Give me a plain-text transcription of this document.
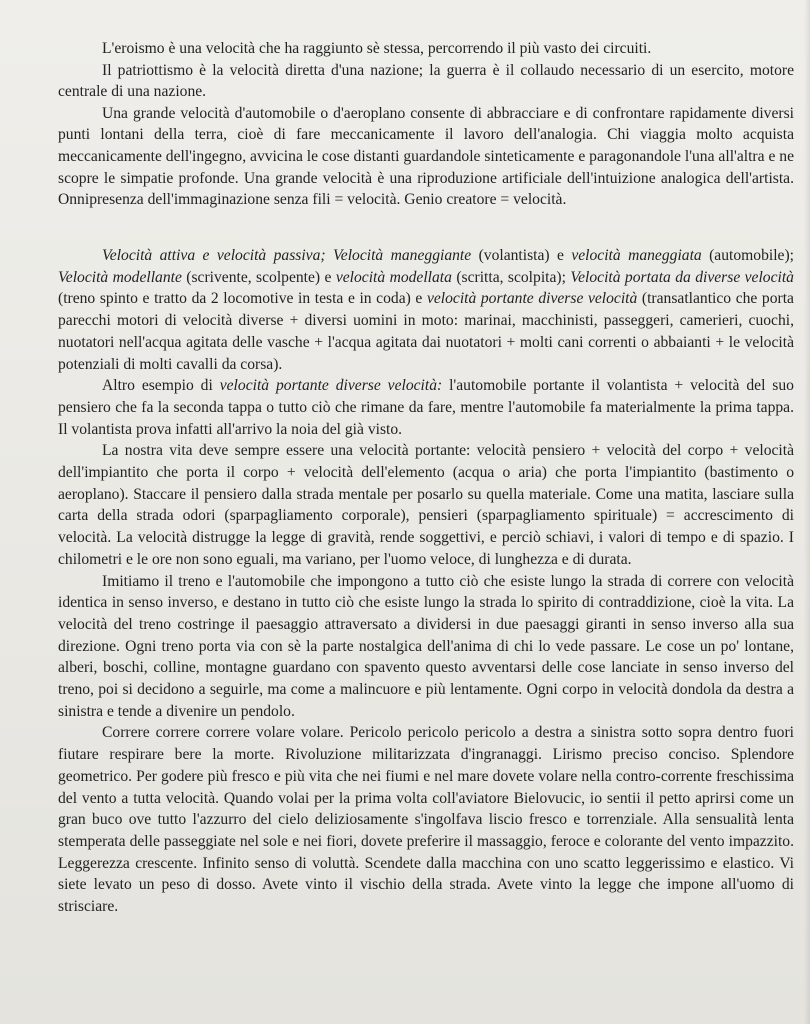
L'eroismo è una velocità che ha raggiunto sè stessa, percorrendo il più vasto dei circuiti.

Il patriottismo è la velocità diretta d'una nazione; la guerra è il collaudo necessario di un esercito, motore centrale di una nazione.

Una grande velocità d'automobile o d'aeroplano consente di abbracciare e di confrontare rapidamente diversi punti lontani della terra, cioè di fare meccanicamente il lavoro dell'analogia. Chi viaggia molto acquista meccanicamente dell'ingegno, avvicina le cose distanti guardandole sinteticamente e paragonandole l'una all'altra e ne scopre le simpatie profonde. Una grande velocità è una riproduzione artificiale dell'intuizione analogica dell'artista. Onnipresenza dell'immaginazione senza fili = velocità. Genio creatore = velocità.

Velocità attiva e velocità passiva; Velocità maneggiante (volantista) e velocità maneggiata (automobile); Velocità modellante (scrivente, scolpente) e velocità modellata (scritta, scolpita); Velocità portata da diverse velocità (treno spinto e tratto da 2 locomotive in testa e in coda) e velocità portante diverse velocità (transatlantico che porta parecchi motori di velocità diverse + diversi uomini in moto: marinai, macchinisti, passeggeri, camerieri, cuochi, nuotatori nell'acqua agitata delle vasche + l'acqua agitata dai nuotatori + molti cani correnti o abbaianti + le velocità potenziali di molti cavalli da corsa).

Altro esempio di velocità portante diverse velocità: l'automobile portante il volantista + velocità del suo pensiero che fa la seconda tappa o tutto ciò che rimane da fare, mentre l'automobile fa materialmente la prima tappa. Il volantista prova infatti all'arrivo la noia del già visto.

La nostra vita deve sempre essere una velocità portante: velocità pensiero + velocità del corpo + velocità dell'impiantito che porta il corpo + velocità dell'elemento (acqua o aria) che porta l'impiantito (bastimento o aeroplano). Staccare il pensiero dalla strada mentale per posarlo su quella materiale. Come una matita, lasciare sulla carta della strada odori (sparpagliamento corporale), pensieri (sparpagliamento spirituale) = accrescimento di velocità. La velocità distrugge la legge di gravità, rende soggettivi, e perciò schiavi, i valori di tempo e di spazio. I chilometri e le ore non sono eguali, ma variano, per l'uomo veloce, di lunghezza e di durata.

Imitiamo il treno e l'automobile che impongono a tutto ciò che esiste lungo la strada di correre con velocità identica in senso inverso, e destano in tutto ciò che esiste lungo la strada lo spirito di contraddizione, cioè la vita. La velocità del treno costringe il paesaggio attraversato a dividersi in due paesaggi giranti in senso inverso alla sua direzione. Ogni treno porta via con sè la parte nostalgica dell'anima di chi lo vede passare. Le cose un po' lontane, alberi, boschi, colline, montagne guardano con spavento questo avventarsi delle cose lanciate in senso inverso del treno, poi si decidono a seguirle, ma come a malincuore e più lentamente. Ogni corpo in velocità dondola da destra a sinistra e tende a divenire un pendolo.

Correre correre correre volare volare. Pericolo pericolo pericolo a destra a sinistra sotto sopra dentro fuori fiutare respirare bere la morte. Rivoluzione militarizzata d'ingranaggi. Lirismo preciso conciso. Splendore geometrico. Per godere più fresco e più vita che nei fiumi e nel mare dovete volare nella contro-corrente freschissima del vento a tutta velocità. Quando volai per la prima volta coll'aviatore Bielovucic, io sentii il petto aprirsi come un gran buco ove tutto l'azzurro del cielo deliziosamente s'ingolfava liscio fresco e torrenziale. Alla sensualità lenta stemperata delle passeggiate nel sole e nei fiori, dovete preferire il massaggio, feroce e colorante del vento impazzito. Leggerezza crescente. Infinito senso di voluttà. Scendete dalla macchina con uno scatto leggerissimo e elastico. Vi siete levato un peso di dosso. Avete vinto il vischio della strada. Avete vinto la legge che impone all'uomo di strisciare.
